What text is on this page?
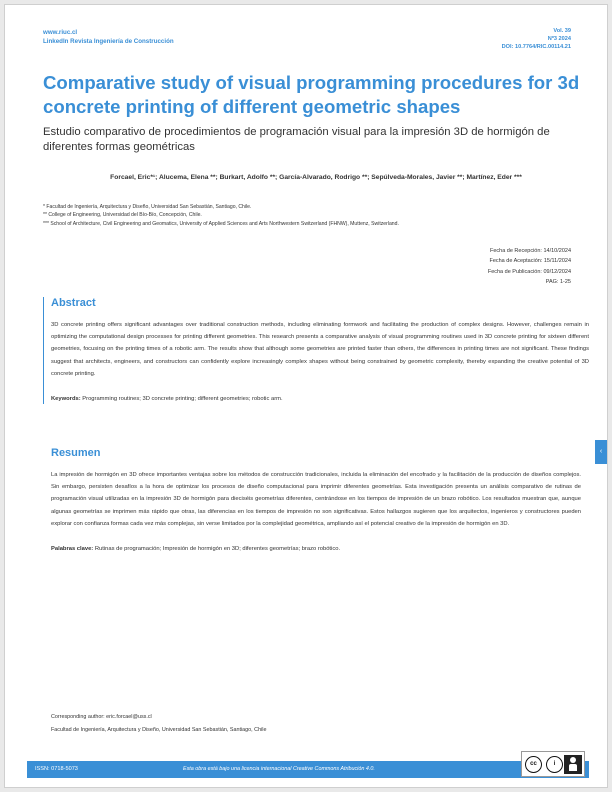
www.riuc.cl
LinkedIn Revista Ingeniería de Construcción
Vol. 39
Nº3 2024
DOI: 10.7764/RIC.00114.21
Comparative study of visual programming procedures for 3d concrete printing of different geometric shapes
Estudio comparativo de procedimientos de programación visual para la impresión 3D de hormigón de diferentes formas geométricas
Forcael, Eric*¹; Alucema, Elena **; Burkart, Adolfo **; García-Alvarado, Rodrigo **; Sepúlveda-Morales, Javier **; Martínez, Eder ***
* Facultad de Ingeniería, Arquitectura y Diseño, Universidad San Sebastián, Santiago, Chile.
** College of Engineering, Universidad del Bío-Bío, Concepción, Chile.
*** School of Architecture, Civil Engineering and Geomatics, University of Applied Sciences and Arts Northwestern Switzerland (FHNW), Muttenz, Switzerland.
Fecha de Recepción: 14/10/2024
Fecha de Aceptación: 15/11/2024
Fecha de Publicación: 09/12/2024
PAG: 1-25
Abstract

3D concrete printing offers significant advantages over traditional construction methods, including eliminating formwork and facilitating the production of complex designs. However, challenges remain in optimizing the computational design processes for printing different geometries. This research presents a comparative analysis of visual programming routines used in 3D concrete printing for sixteen different geometries, focusing on the printing times of a robotic arm. The results show that although some geometries are printed faster than others, the differences in printing times are not significant. These findings suggest that architects, engineers, and constructors can confidently explore increasingly complex shapes without being constrained by geometric complexity, thereby expanding the creative potential of 3D concrete printing.

Keywords: Programming routines; 3D concrete printing; different geometries; robotic arm.
‹
Resumen

La impresión de hormigón en 3D ofrece importantes ventajas sobre los métodos de construcción tradicionales, incluida la eliminación del encofrado y la facilitación de la producción de diseños complejos. Sin embargo, persisten desafíos a la hora de optimizar los procesos de diseño computacional para imprimir diferentes geometrías. Esta investigación presenta un análisis comparativo de rutinas de programación visual utilizadas en la impresión 3D de hormigón para dieciséis geometrías diferentes, centrándose en los tiempos de impresión de un brazo robótico. Los resultados muestran que, aunque algunas geometrías se imprimen más rápido que otras, las diferencias en los tiempos de impresión no son significativas. Estos hallazgos sugieren que los arquitectos, ingenieros y constructores pueden explorar con confianza formas cada vez más complejas, sin verse limitados por la complejidad geométrica, ampliando así el potencial creativo de la impresión de hormigón en 3D.

Palabras clave: Rutinas de programación; Impresión de hormigón en 3D; diferentes geometrías; brazo robótico.
Corresponding author: eric.forcael@uss.cl
Facultad de Ingeniería, Arquitectura y Diseño, Universidad San Sebastián, Santiago, Chile
ISSN: 0718-5073	Esta obra está bajo una licencia internacional Creative Commons Atribución 4.0.
cc	i
